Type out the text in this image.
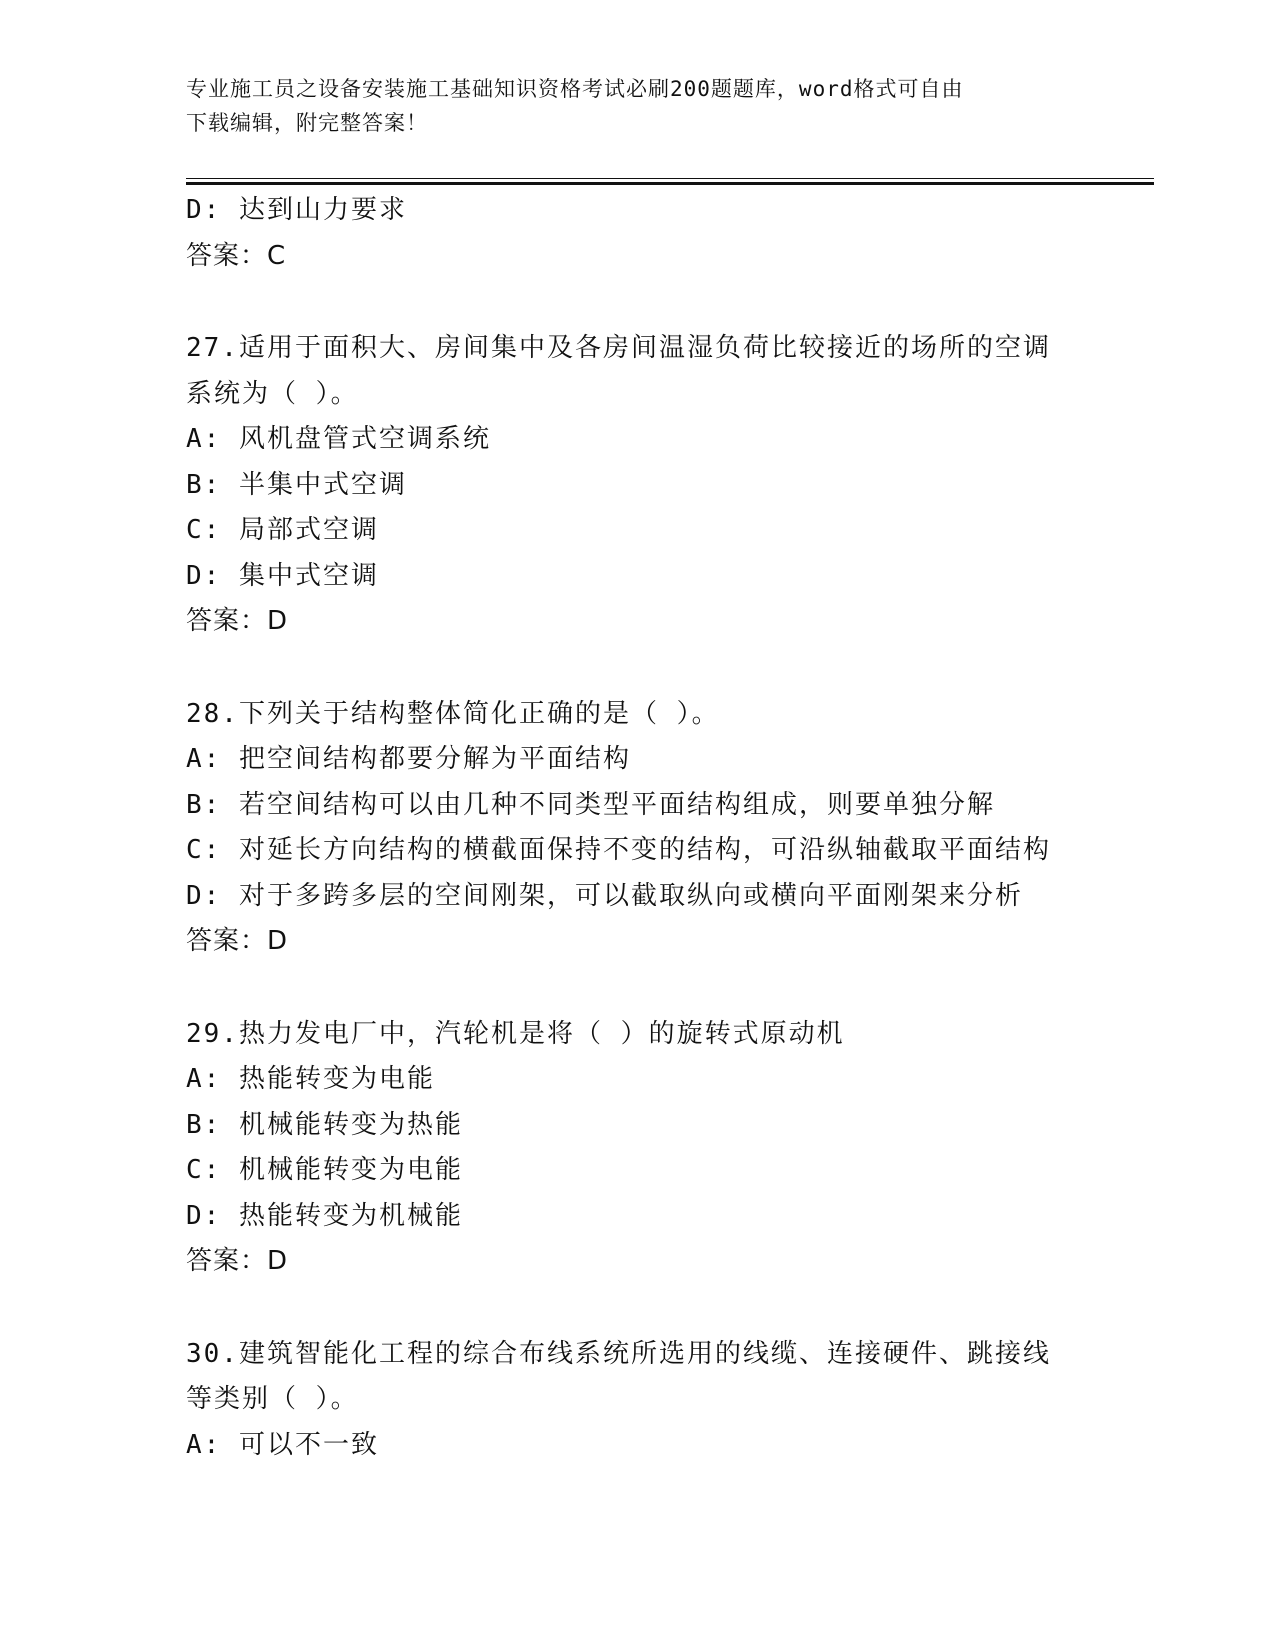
专业施工员之设备安装施工基础知识资格考试必刷200题题库，word格式可自由
下载编辑，附完整答案！
D: 达到山力要求
答案：C
27.适用于面积大、房间集中及各房间温湿负荷比较接近的场所的空调
系统为（ ）。
A: 风机盘管式空调系统
B: 半集中式空调
C: 局部式空调
D: 集中式空调
答案：D
28.下列关于结构整体简化正确的是（ ）。
A: 把空间结构都要分解为平面结构
B: 若空间结构可以由几种不同类型平面结构组成，则要单独分解
C: 对延长方向结构的横截面保持不变的结构，可沿纵轴截取平面结构
D: 对于多跨多层的空间刚架，可以截取纵向或横向平面刚架来分析
答案：D
29.热力发电厂中，汽轮机是将（ ）的旋转式原动机
A: 热能转变为电能
B: 机械能转变为热能
C: 机械能转变为电能
D: 热能转变为机械能
答案：D
30.建筑智能化工程的综合布线系统所选用的线缆、连接硬件、跳接线
等类别（ ）。
A: 可以不一致
